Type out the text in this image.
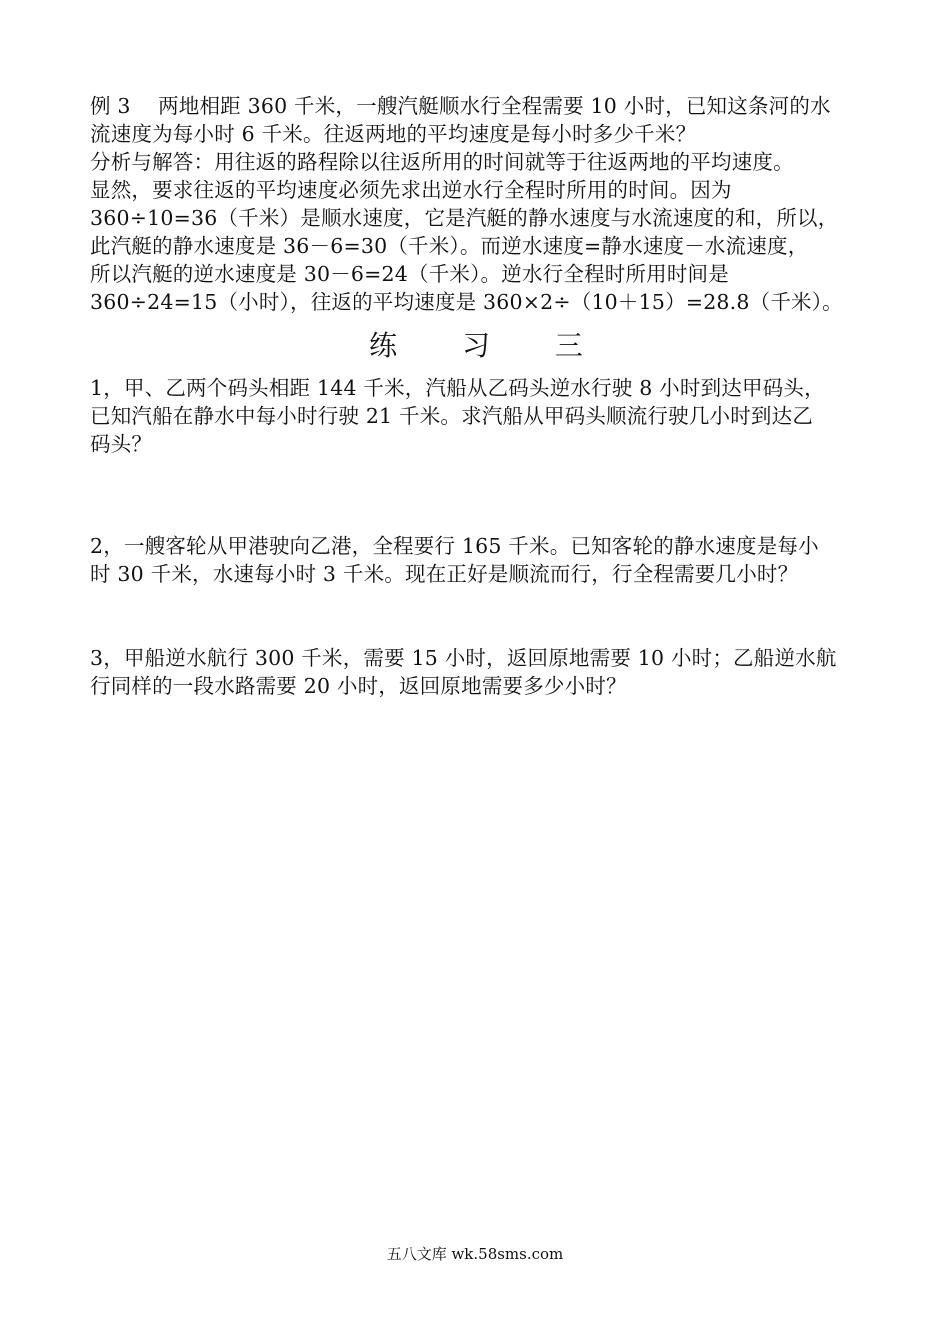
例 3　 两地相距 360 千米，一艘汽艇顺水行全程需要 10 小时，已知这条河的水
流速度为每小时 6 千米。往返两地的平均速度是每小时多少千米？
分析与解答：用往返的路程除以往返所用的时间就等于往返两地的平均速度。
显然，要求往返的平均速度必须先求出逆水行全程时所用的时间。因为
360÷10=36（千米）是顺水速度，它是汽艇的静水速度与水流速度的和，所以，
此汽艇的静水速度是 36－6=30（千米）。而逆水速度=静水速度－水流速度，
所以汽艇的逆水速度是 30－6=24（千米）。逆水行全程时所用时间是
360÷24=15（小时），往返的平均速度是 360×2÷（10＋15）=28.8（千米）。
练 习 三
1，甲、乙两个码头相距 144 千米，汽船从乙码头逆水行驶 8 小时到达甲码头，
已知汽船在静水中每小时行驶 21 千米。求汽船从甲码头顺流行驶几小时到达乙
码头？
2，一艘客轮从甲港驶向乙港，全程要行 165 千米。已知客轮的静水速度是每小
时 30 千米，水速每小时 3 千米。现在正好是顺流而行，行全程需要几小时？
3，甲船逆水航行 300 千米，需要 15 小时，返回原地需要 10 小时；乙船逆水航
行同样的一段水路需要 20 小时，返回原地需要多少小时？
五八文库 wk.58sms.com
